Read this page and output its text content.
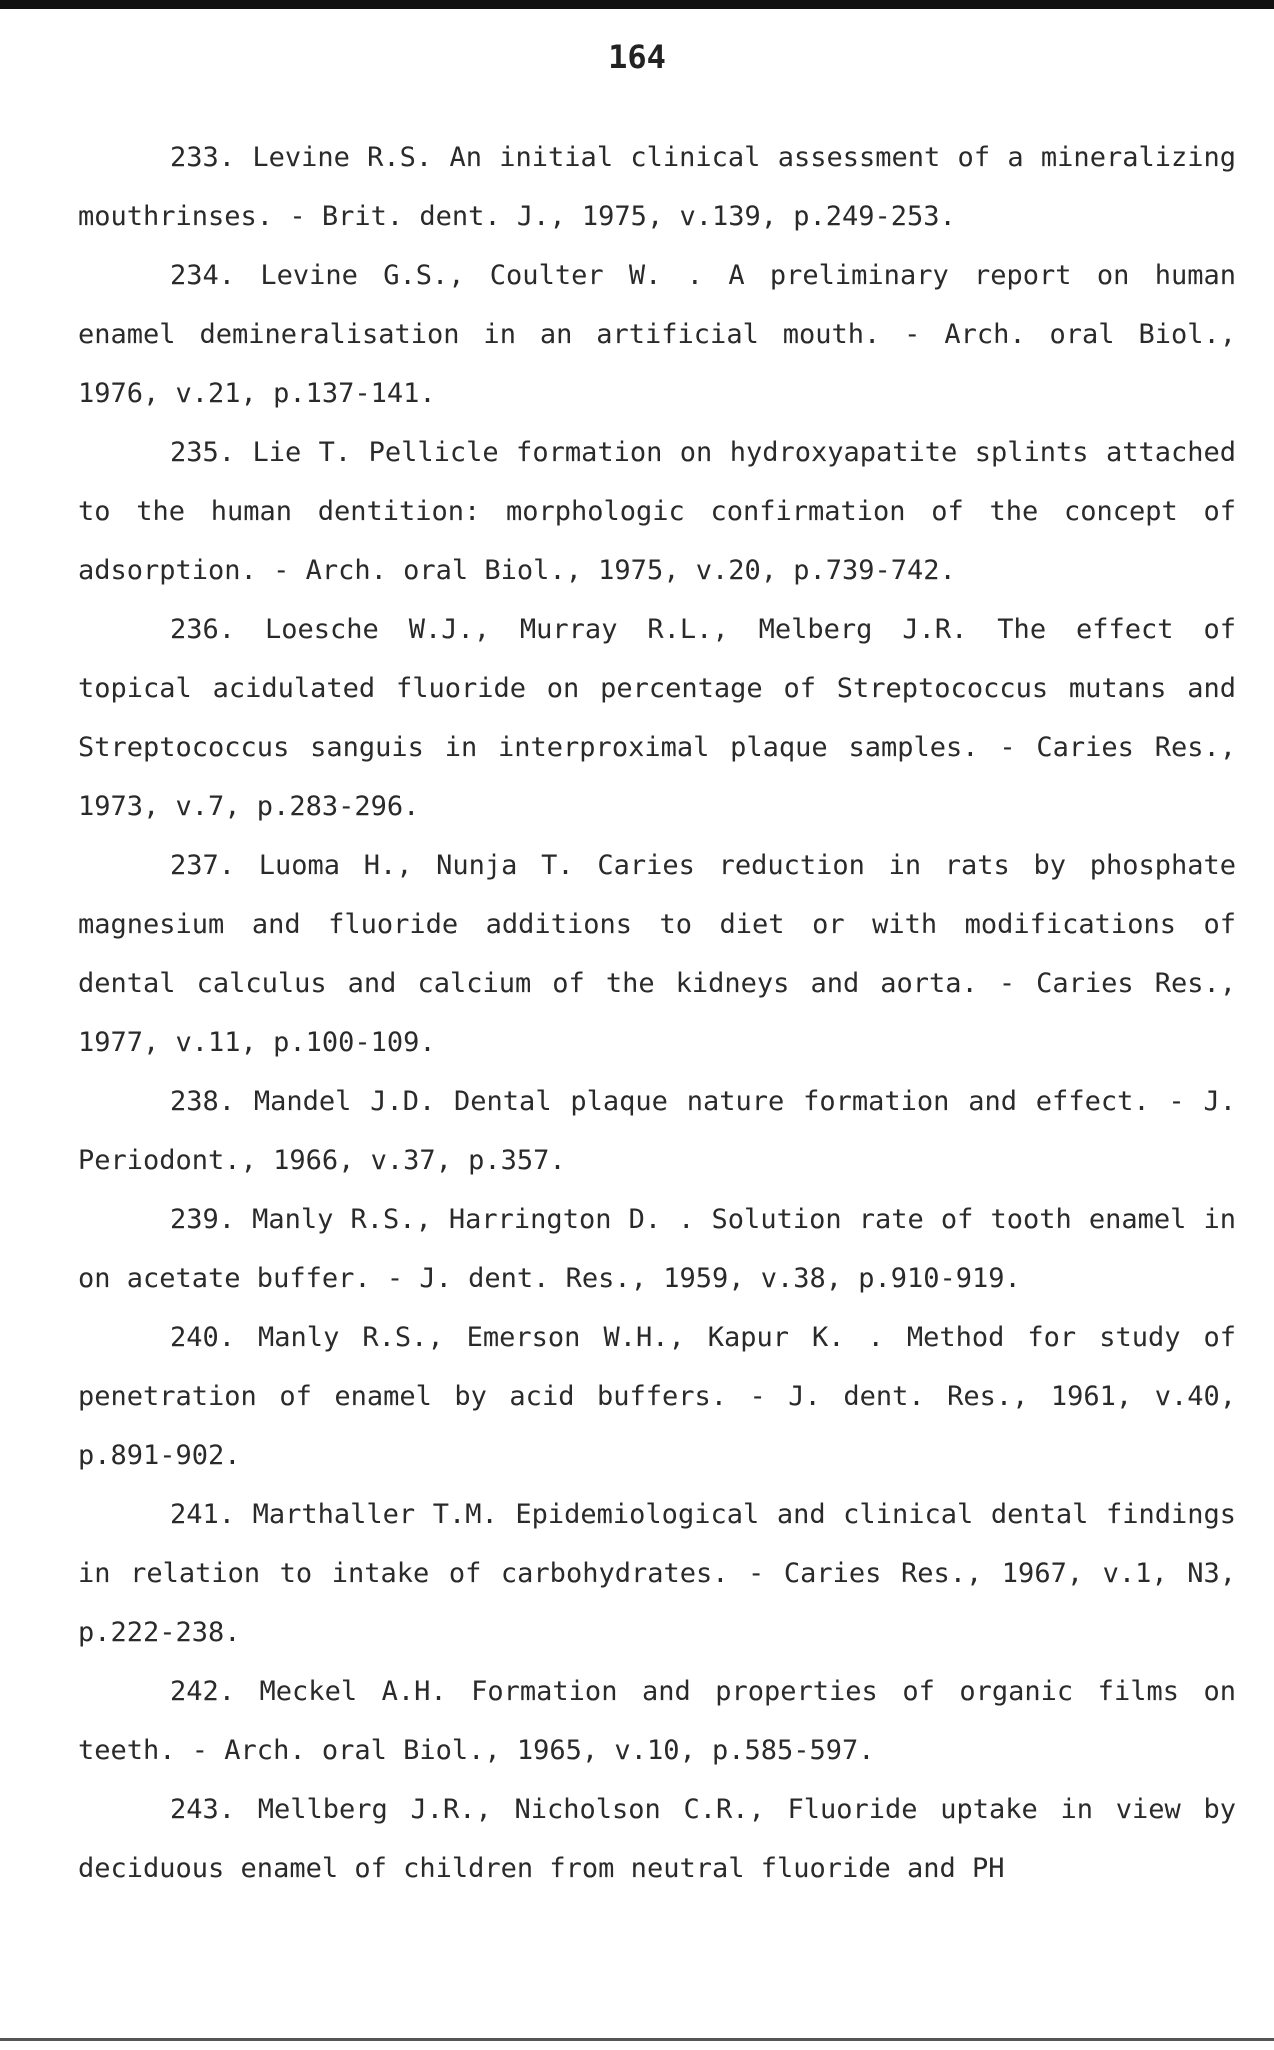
164

233. Levine R.S. An initial clinical assessment of a mineralizing mouthrinses. - Brit. dent. J., 1975, v.139, p.249-253.

234. Levine G.S., Coulter W. . A preliminary report on human enamel demineralisation in an artificial mouth. - Arch. oral Biol., 1976, v.21, p.137-141.

235. Lie T. Pellicle formation on hydroxyapatite splints attached to the human dentition: morphologic confirmation of the concept of adsorption. - Arch. oral Biol., 1975, v.20, p.739-742.

236. Loesche W.J., Murray R.L., Melberg J.R. The effect of topical acidulated fluoride on percentage of Streptococcus mutans and Streptococcus sanguis in interproximal plaque samples. - Caries Res., 1973, v.7, p.283-296.

237. Luoma H., Nunja T. Caries reduction in rats by phosphate magnesium and fluoride additions to diet or with modifications of dental calculus and calcium of the kidneys and aorta. - Caries Res., 1977, v.11, p.100-109.

238. Mandel J.D. Dental plaque nature formation and effect. - J. Periodont., 1966, v.37, p.357.

239. Manly R.S., Harrington D. . Solution rate of tooth enamel in on acetate buffer. - J. dent. Res., 1959, v.38, p.910-919.

240. Manly R.S., Emerson W.H., Kapur K. . Method for study of penetration of enamel by acid buffers. - J. dent. Res., 1961, v.40, p.891-902.

241. Marthaller T.M. Epidemiological and clinical dental findings in relation to intake of carbohydrates. - Caries Res., 1967, v.1, N3, p.222-238.

242. Meckel A.H. Formation and properties of organic films on teeth. - Arch. oral Biol., 1965, v.10, p.585-597.

243. Mellberg J.R., Nicholson C.R., Fluoride uptake in view by deciduous enamel of children from neutral fluoride and PH
